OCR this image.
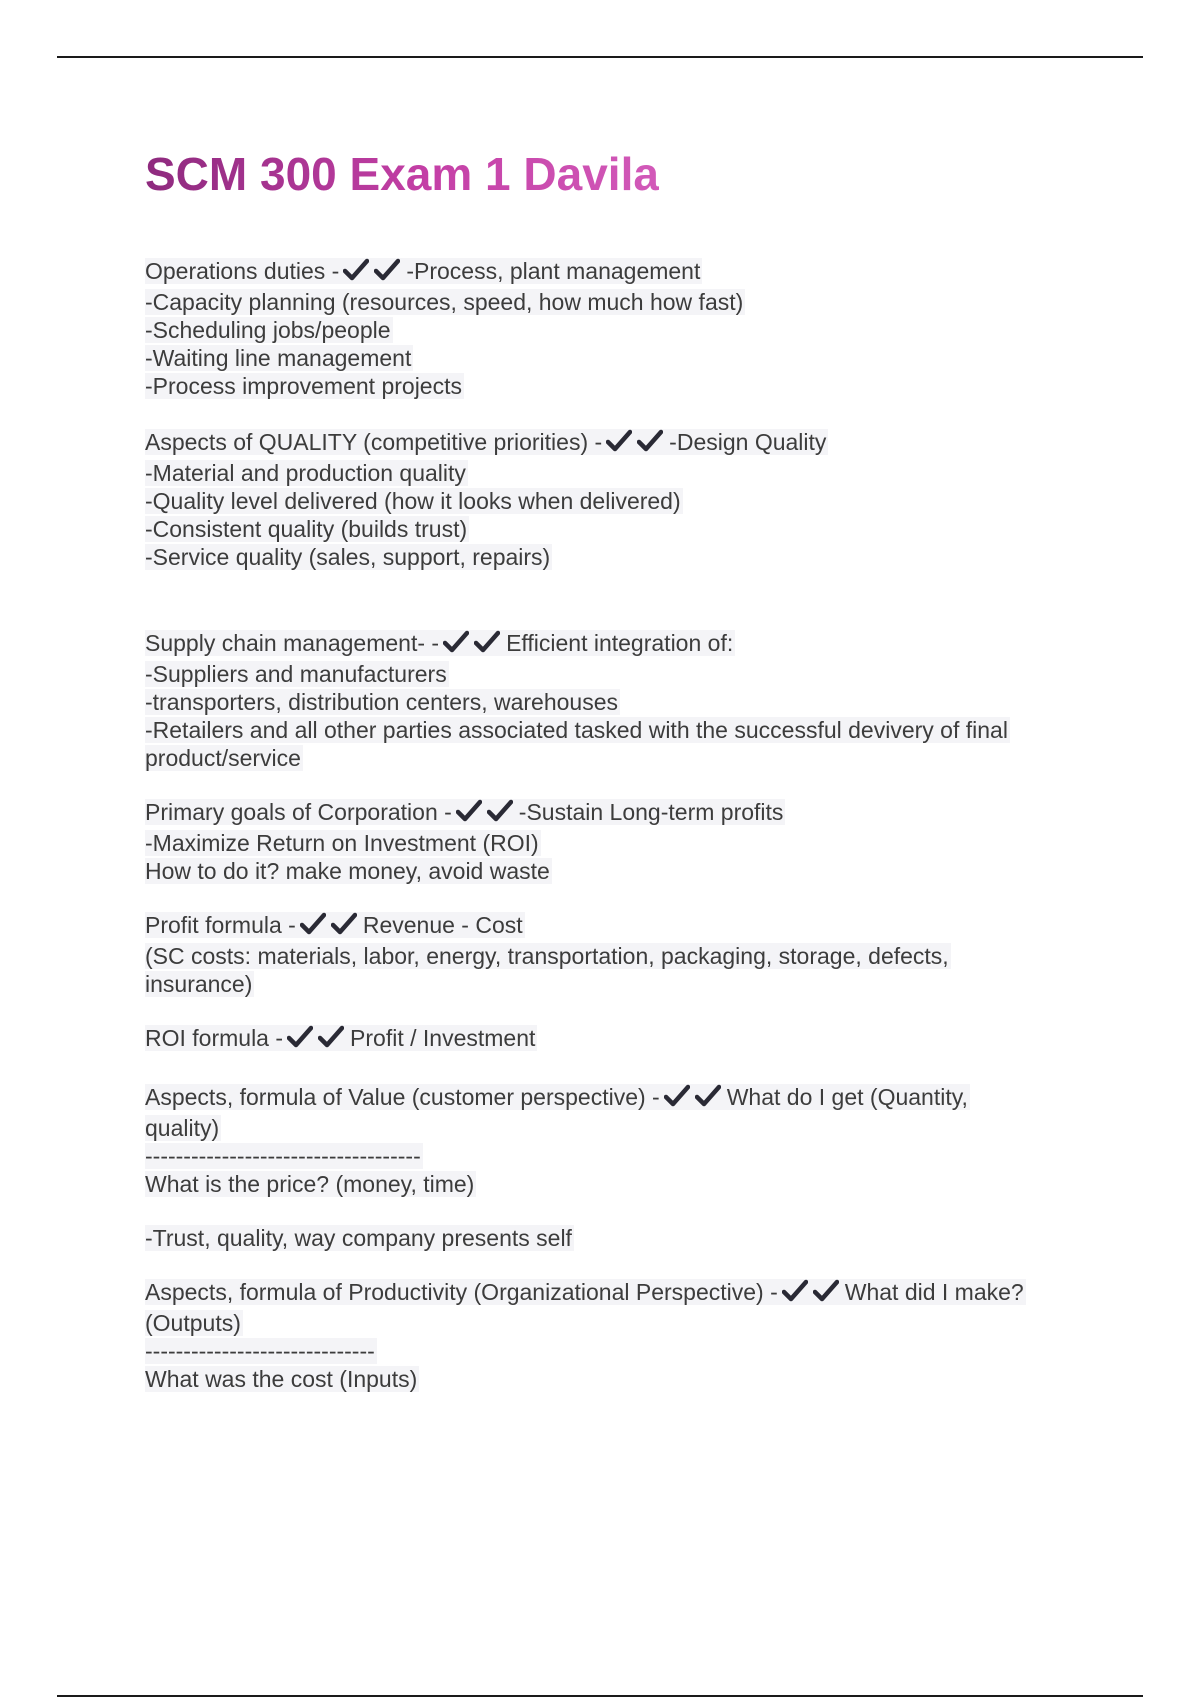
SCM 300 Exam 1 Davila
Operations duties -	-Process, plant management
-Capacity planning (resources, speed, how much how fast)
-Scheduling jobs/people
-Waiting line management
-Process improvement projects
Aspects of QUALITY (competitive priorities) -	-Design Quality
-Material and production quality
-Quality level delivered (how it looks when delivered)
-Consistent quality (builds trust)
-Service quality (sales, support, repairs)
Supply chain management- -	Efficient integration of:
-Suppliers and manufacturers
-transporters, distribution centers, warehouses
-Retailers and all other parties associated tasked with the successful devivery of final
product/service
Primary goals of Corporation -	-Sustain Long-term profits
-Maximize Return on Investment (ROI)
How to do it? make money, avoid waste
Profit formula -	Revenue - Cost
(SC costs: materials, labor, energy, transportation, packaging, storage, defects,
insurance)
ROI formula -	Profit / Investment
Aspects, formula of Value (customer perspective) -	What do I get (Quantity,
quality)
------------------------------------
What is the price? (money, time)
-Trust, quality, way company presents self
Aspects, formula of Productivity (Organizational Perspective) -	What did I make?
(Outputs)
------------------------------
What was the cost (Inputs)
